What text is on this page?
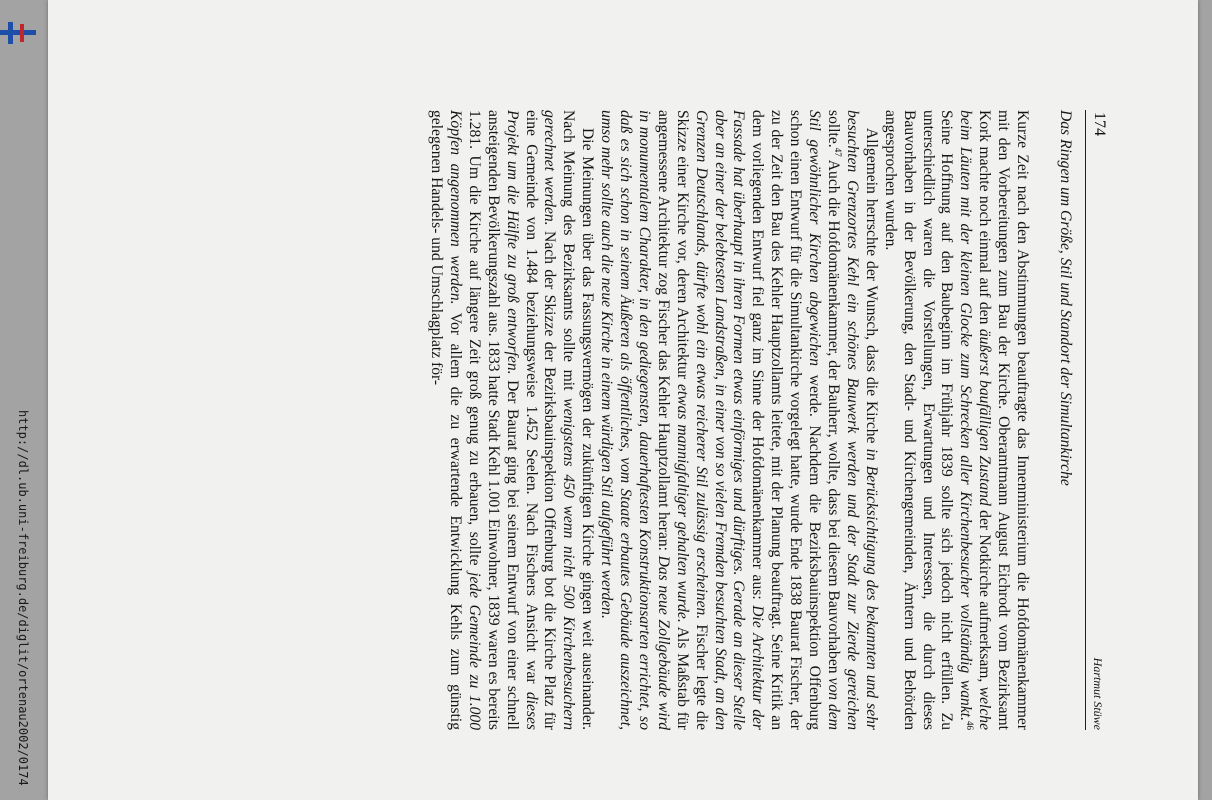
http://dl.ub.uni-freiburg.de/diglit/ortenau2002/0174
174
Hartmut Stüwe

Das Ringen um Größe, Stil und Standort der Simultankirche

Kurze Zeit nach den Abstimmungen beauftragte das Innenministerium die Hofdomänenkammer mit den Vorbereitungen zum Bau der Kirche. Oberamtmann August Eichrodt vom Bezirksamt Kork machte noch einmal auf den äußerst baufälligen Zustand der Notkirche aufmerksam, welche beim Läuten mit der kleinen Glocke zum Schrecken aller Kirchenbesucher vollständig wankt.$^{46}$ Seine Hoffnung auf den Baubeginn im Frühjahr 1839 sollte sich jedoch nicht erfüllen. Zu unterschiedlich waren die Vorstellungen, Erwartungen und Interessen, die durch dieses Bauvorhaben in der Bevölkerung, den Stadt- und Kirchengemeinden, Ämtern und Behörden angesprochen wurden.

Allgemein herrschte der Wunsch, dass die Kirche in Berücksichtigung des bekannten und sehr besuchten Grenzortes Kehl ein schönes Bauwerk werden und der Stadt zur Zierde gereichen sollte.$^{47}$ Auch die Hofdomänenkammer, der Bauherr, wollte, dass bei diesem Bauvorhaben von dem Stil gewöhnlicher Kirchen abgewichen werde. Nachdem die Bezirksbauinspektion Offenburg schon einen Entwurf für die Simultankirche vorgelegt hatte, wurde Ende 1838 Baurat Fischer, der zu der Zeit den Bau des Kehler Hauptzollamts leitete, mit der Planung beauftragt. Seine Kritik an dem vorliegenden Entwurf fiel ganz im Sinne der Hofdomänenkammer aus: Die Architektur der Fassade hat überhaupt in ihren Formen etwas einförmiges und dürftiges. Gerade an dieser Stelle aber an einer der belebtesten Landstraßen, in einer von so vielen Fremden besuchten Stadt, an den Grenzen Deutschlands, dürfte wohl ein etwas reicherer Stil zulässig erscheinen. Fischer legte die Skizze einer Kirche vor, deren Architektur etwas mannigfaltiger gehalten wurde. Als Maßstab für angemessene Architektur zog Fischer das Kehler Hauptzollamt heran: Das neue Zollgebäude wird in monumentalem Charakter, in den gediegensten, dauerhaftesten Konstruktionsarten errichtet, so daß es sich schon in seinem Äußeren als öffentliches, vom Staate erbautes Gebäude auszeichnet, umso mehr sollte auch die neue Kirche in einem würdigen Stil aufgeführt werden.

Die Meinungen über das Fassungsvermögen der zukünftigen Kirche gingen weit auseinander. Nach Meinung des Bezirksamts sollte mit wenigstens 450 wenn nicht 500 Kirchenbesuchern gerechnet werden. Nach der Skizze der Bezirksbauinspektion Offenburg bot die Kirche Platz für eine Gemeinde von 1.484 beziehungsweise 1.452 Seelen. Nach Fischers Ansicht war dieses Projekt um die Hälfte zu groß entworfen. Der Baurat ging bei seinem Entwurf von einer schnell ansteigenden Bevölkerungszahl aus. 1833 hatte Stadt Kehl 1.001 Einwohner, 1839 waren es bereits 1.281. Um die Kirche auf längere Zeit groß genug zu erbauen, sollte jede Gemeinde zu 1.000 Köpfen angenommen werden. Vor allem die zu erwartende Entwicklung Kehls zum günstig gelegenen Handels- und Umschlagplatz för-
